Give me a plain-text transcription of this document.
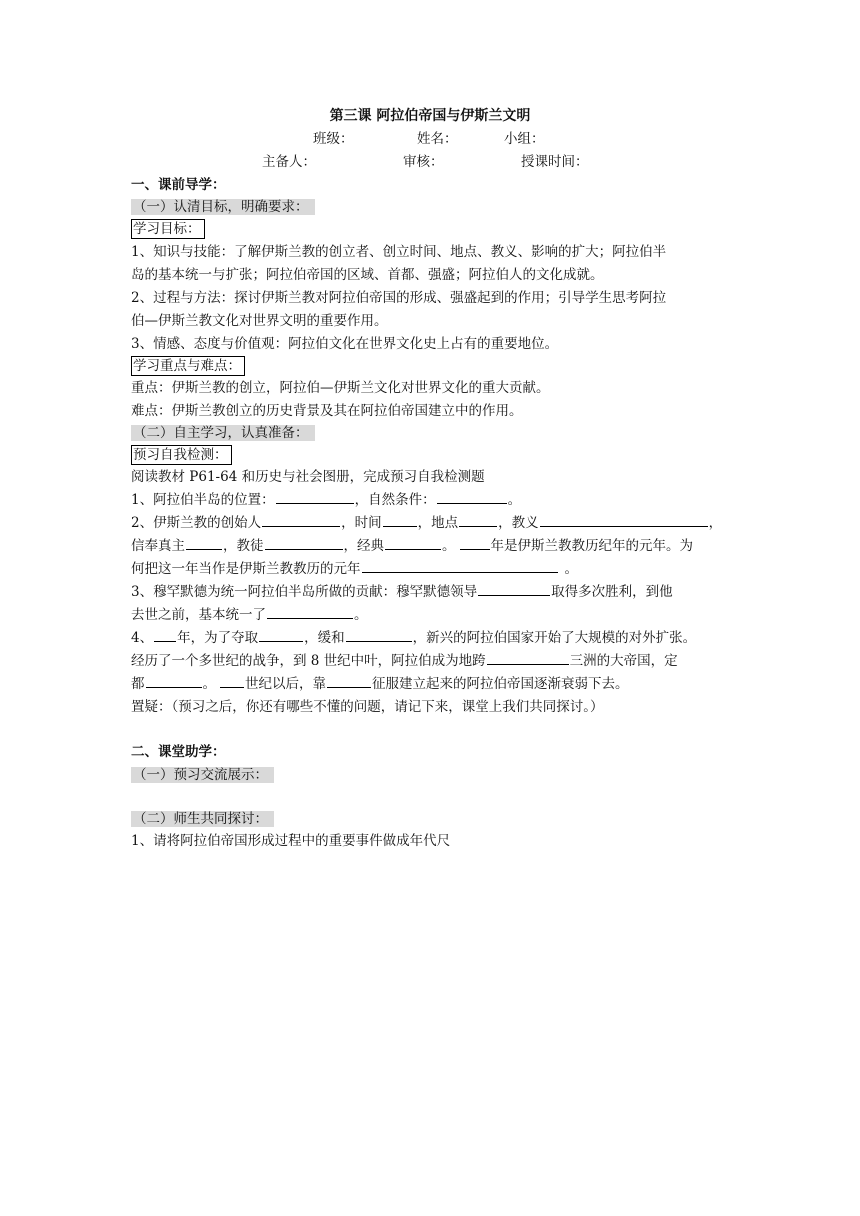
第三课 阿拉伯帝国与伊斯兰文明
班级：	姓名：	小组：
主备人：	审核：	授课时间：
一、课前导学：
（一）认清目标，明确要求：
学习目标：
1、知识与技能：了解伊斯兰教的创立者、创立时间、地点、教义、影响的扩大；阿拉伯半
岛的基本统一与扩张；阿拉伯帝国的区域、首都、强盛；阿拉伯人的文化成就。
2、过程与方法：探讨伊斯兰教对阿拉伯帝国的形成、强盛起到的作用；引导学生思考阿拉
伯—伊斯兰教文化对世界文明的重要作用。
3、情感、态度与价值观：阿拉伯文化在世界文化史上占有的重要地位。
学习重点与难点：
重点：伊斯兰教的创立，阿拉伯—伊斯兰文化对世界文化的重大贡献。
难点：伊斯兰教创立的历史背景及其在阿拉伯帝国建立中的作用。
（二）自主学习，认真准备：
预习自我检测：
阅读教材 P61-64 和历史与社会图册，完成预习自我检测题
1、阿拉伯半岛的位置：	，自然条件：	。
2、伊斯兰教的创始人	，时间	，地点	，教义	，
信奉真主	，教徒	，经典	。	年是伊斯兰教教历纪年的元年。为
何把这一年当作是伊斯兰教教历的元年	。
3、穆罕默德为统一阿拉伯半岛所做的贡献：穆罕默德领导	取得多次胜利，到他
去世之前，基本统一了	。
4、 年，为了夺取	，缓和	，新兴的阿拉伯国家开始了大规模的对外扩张。
经历了一个多世纪的战争，到 8 世纪中叶，阿拉伯成为地跨	三洲的大帝国，定
都	。 世纪以后，靠	征服建立起来的阿拉伯帝国逐渐衰弱下去。
置疑：（预习之后，你还有哪些不懂的问题，请记下来，课堂上我们共同探讨。）
二、课堂助学：
（一）预习交流展示：
（二）师生共同探讨：
1、请将阿拉伯帝国形成过程中的重要事件做成年代尺
